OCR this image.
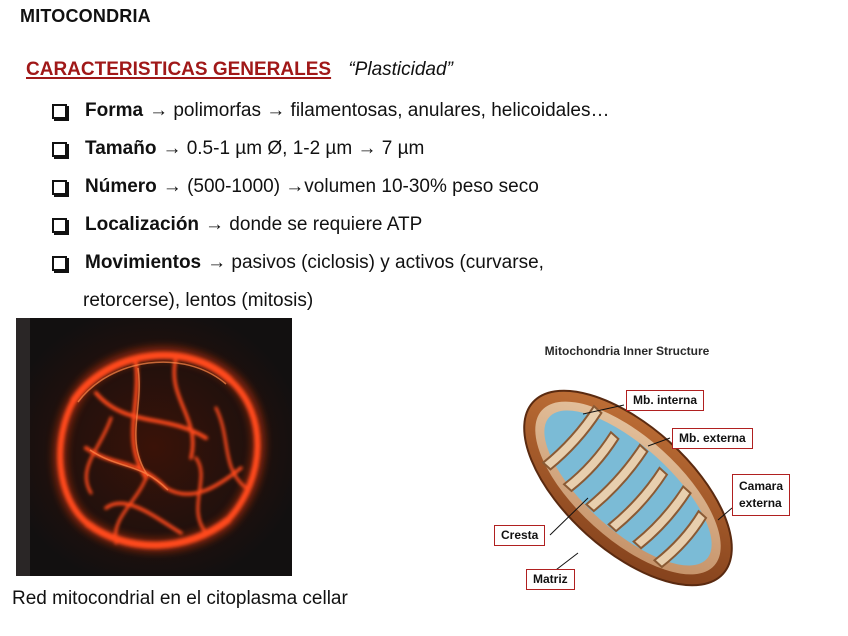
MITOCONDRIA
CARACTERISTICAS GENERALES “Plasticidad”
Forma → polimorfas → filamentosas, anulares, helicoidales…
Tamaño → 0.5-1 µm Ø, 1-2 µm → 7 µm
Número → (500-1000) →volumen 10-30% peso seco
Localización → donde se requiere ATP
Movimientos → pasivos (ciclosis) y activos (curvarse,
retorcerse), lentos (mitosis)
Red mitocondrial en el citoplasma cellar
Mitochondria Inner Structure
Mb. interna
Mb. externa
Camara
externa
Cresta
Matriz
